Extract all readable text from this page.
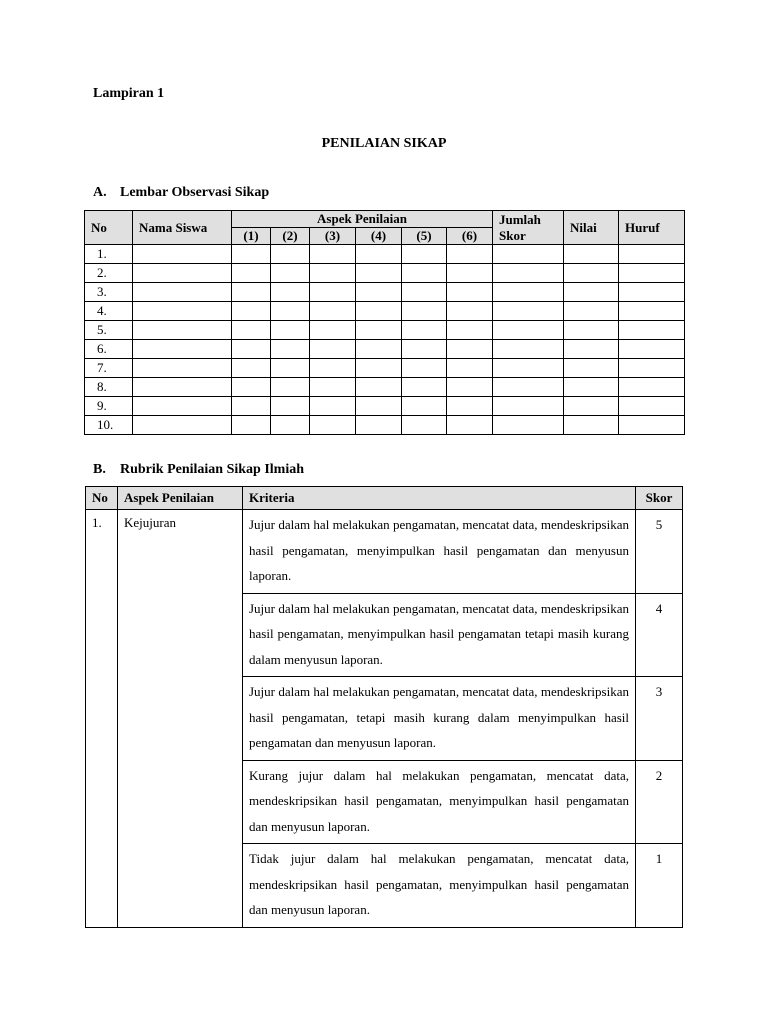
Lampiran 1
PENILAIAN SIKAP
A. Lembar Observasi Sikap
No	Nama Siswa	Aspek Penilaian						Jumlah Skor	Nilai	Huruf
		(1)	(2)	(3)	(4)	(5)	(6)			
1.										
2.										
3.										
4.										
5.										
6.										
7.										
8.										
9.										
10.										
B. Rubrik Penilaian Sikap Ilmiah
No	Aspek Penilaian	Kriteria	Skor
1.	Kejujuran	Jujur dalam hal melakukan pengamatan, mencatat data, mendeskripsikan hasil pengamatan, menyimpulkan hasil pengamatan dan menyusun laporan.	5
		Jujur dalam hal melakukan pengamatan, mencatat data, mendeskripsikan hasil pengamatan, menyimpulkan hasil pengamatan tetapi masih kurang dalam menyusun laporan.	4
		Jujur dalam hal melakukan pengamatan, mencatat data, mendeskripsikan hasil pengamatan, tetapi masih kurang dalam menyimpulkan hasil pengamatan dan menyusun laporan.	3
		Kurang jujur dalam hal melakukan pengamatan, mencatat data, mendeskripsikan hasil pengamatan, menyimpulkan hasil pengamatan dan menyusun laporan.	2
		Tidak jujur dalam hal melakukan pengamatan, mencatat data, mendeskripsikan hasil pengamatan, menyimpulkan hasil pengamatan dan menyusun laporan.	1
